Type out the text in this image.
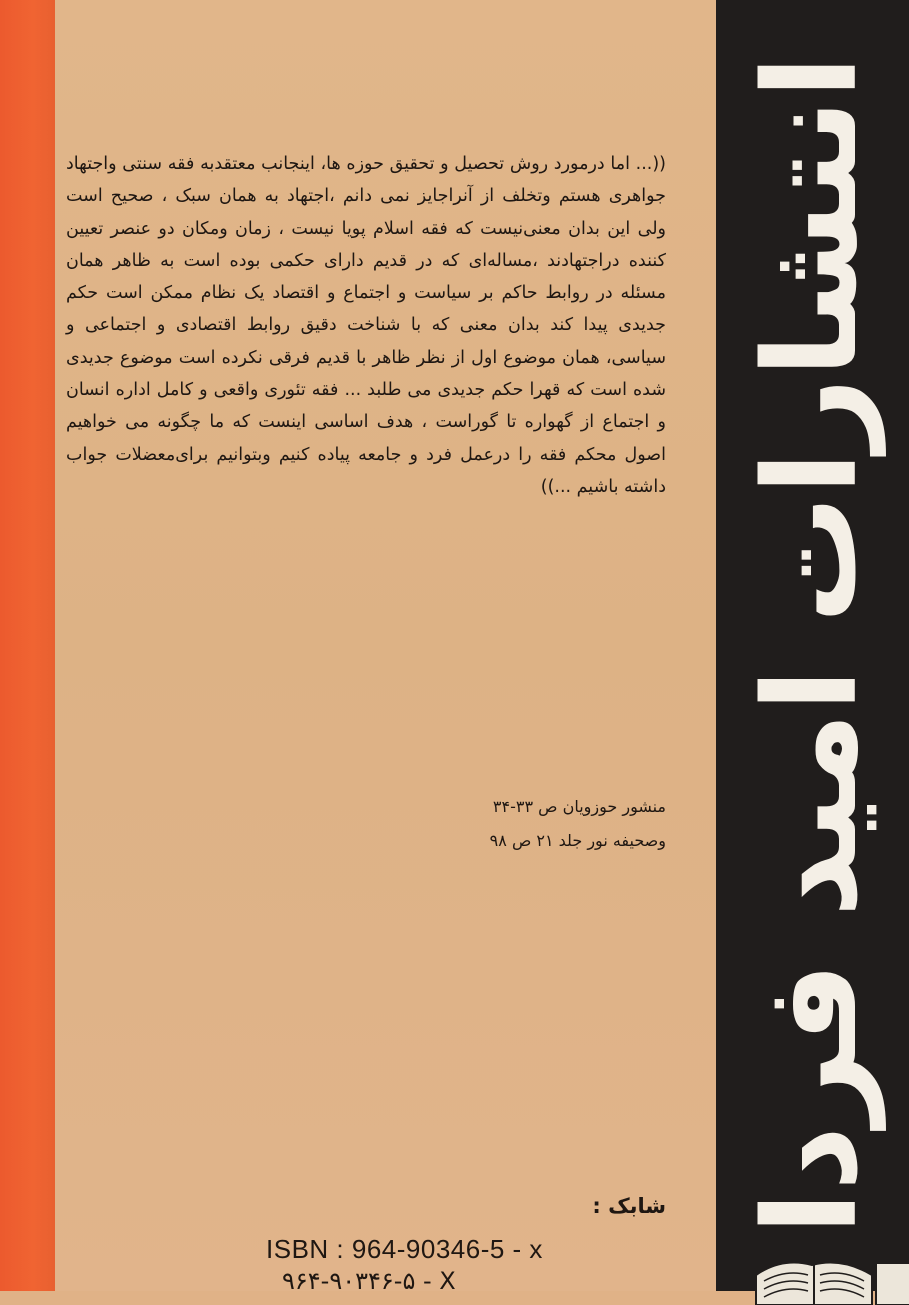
انتشارات امید فردا

((... اما درمورد روش تحصیل و تحقیق حوزه ها، اینجانب معتقدبه فقه سنتی واجتهاد جواهری هستم وتخلف از آنراجایز نمی دانم ،اجتهاد به همان سبک ، صحیح است ولی این بدان معنی‌نیست که فقه اسلام پویا نیست ، زمان ومکان دو عنصر تعیین کننده دراجتهادند ،مساله‌ای که در قدیم دارای حکمی بوده است به ظاهر همان مسئله در روابط حاکم بر سیاست و اجتماع و اقتصاد یک نظام ممکن است حکم جدیدی پیدا کند بدان معنی که با شناخت دقیق روابط اقتصادی و اجتماعی و سیاسی، همان موضوع اول از نظر ظاهر با قدیم فرقی نکرده است موضوع جدیدی شده است که قهرا حکم جدیدی می طلبد ... فقه تئوری واقعی و کامل اداره انسان و اجتماع از گهواره تا گوراست ، هدف اساسی اینست که ما چگونه می خواهیم اصول محکم فقه را درعمل فرد و جامعه پیاده کنیم وبتوانیم برای‌معضلات جواب داشته باشیم ...))

منشور حوزویان ص ۳۳-۳۴
وصحیفه نور جلد ۲۱ ص ۹۸
شابک :
ISBN : 964-90346-5 - x
۹۶۴-۹۰۳۴۶-۵ - X
